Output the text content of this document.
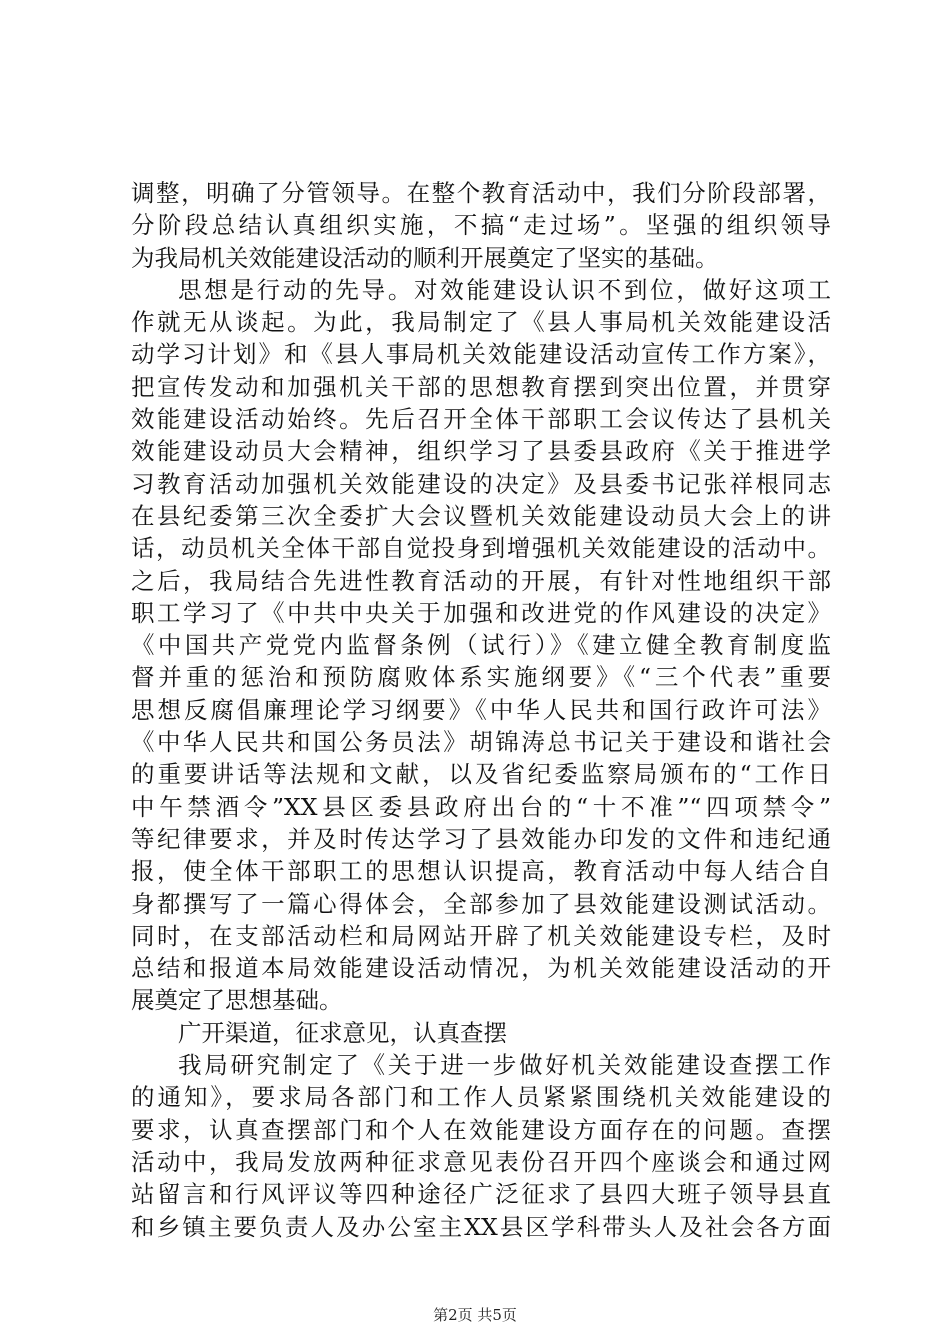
调整，明确了分管领导。在整个教育活动中，我们分阶段部署，
分阶段总结认真组织实施，不搞“走过场”。坚强的组织领导
为我局机关效能建设活动的顺利开展奠定了坚实的基础。
思想是行动的先导。对效能建设认识不到位，做好这项工
作就无从谈起。为此，我局制定了《县人事局机关效能建设活
动学习计划》和《县人事局机关效能建设活动宣传工作方案》，
把宣传发动和加强机关干部的思想教育摆到突出位置，并贯穿
效能建设活动始终。先后召开全体干部职工会议传达了县机关
效能建设动员大会精神，组织学习了县委县政府《关于推进学
习教育活动加强机关效能建设的决定》及县委书记张祥根同志
在县纪委第三次全委扩大会议暨机关效能建设动员大会上的讲
话，动员机关全体干部自觉投身到增强机关效能建设的活动中。
之后，我局结合先进性教育活动的开展，有针对性地组织干部
职工学习了《中共中央关于加强和改进党的作风建设的决定》
《中国共产党党内监督条例（试行）》《建立健全教育制度监
督并重的惩治和预防腐败体系实施纲要》《“三个代表”重要
思想反腐倡廉理论学习纲要》《中华人民共和国行政许可法》
《中华人民共和国公务员法》胡锦涛总书记关于建设和谐社会
的重要讲话等法规和文献，以及省纪委监察局颁布的“工作日
中午禁酒令”XX县区委县政府出台的“十不准”“四项禁令”
等纪律要求，并及时传达学习了县效能办印发的文件和违纪通
报，使全体干部职工的思想认识提高，教育活动中每人结合自
身都撰写了一篇心得体会，全部参加了县效能建设测试活动。
同时，在支部活动栏和局网站开辟了机关效能建设专栏，及时
总结和报道本局效能建设活动情况，为机关效能建设活动的开
展奠定了思想基础。
广开渠道，征求意见，认真查摆
我局研究制定了《关于进一步做好机关效能建设查摆工作
的通知》，要求局各部门和工作人员紧紧围绕机关效能建设的
要求，认真查摆部门和个人在效能建设方面存在的问题。查摆
活动中，我局发放两种征求意见表份召开四个座谈会和通过网
站留言和行风评议等四种途径广泛征求了县四大班子领导县直
和乡镇主要负责人及办公室主XX县区学科带头人及社会各方面
第2页 共5页
